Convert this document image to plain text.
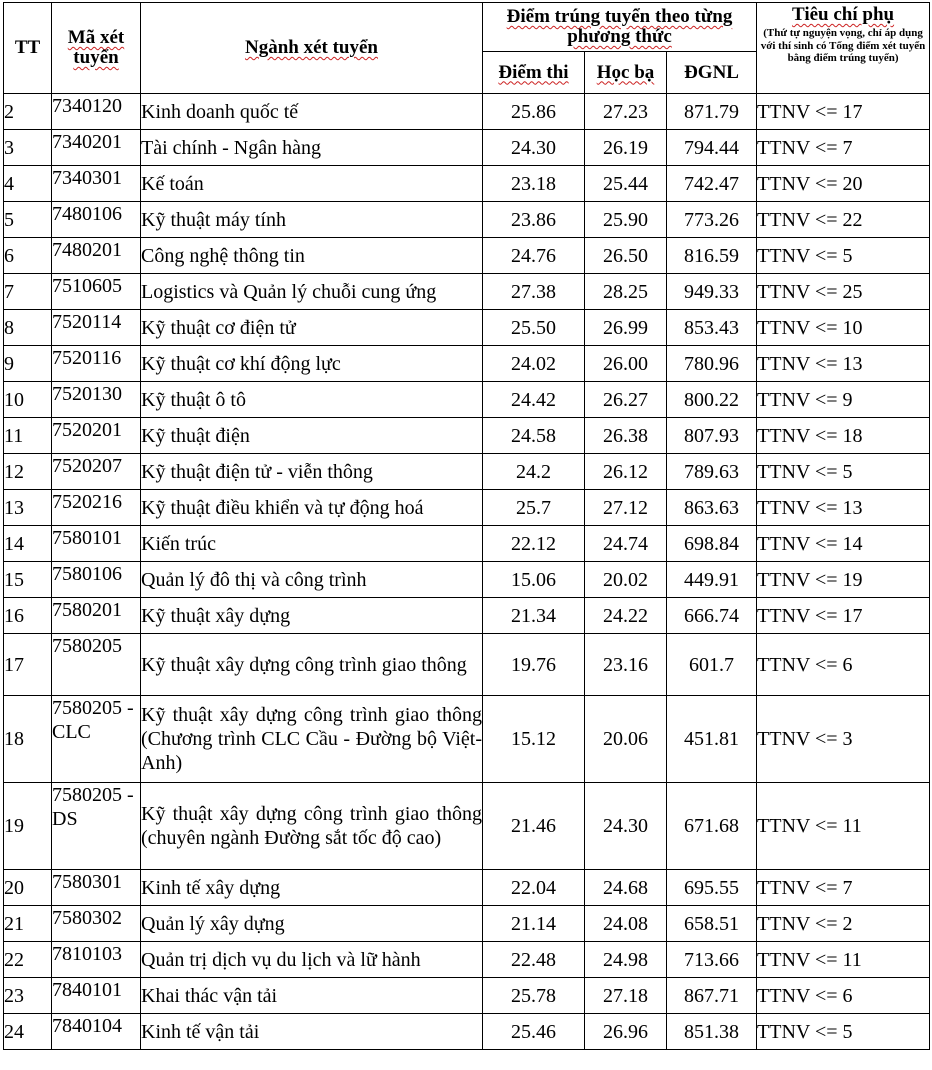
TT	Mã xét tuyển	Ngành xét tuyển	Điểm trúng tuyển theo từng phương thức			Tiêu chí phụ
(Thứ tự nguyện vọng, chỉ áp dụng với thí sinh có Tổng điểm xét tuyển bằng điểm trúng tuyển)

			Điểm thi	Học bạ	ĐGNL	
2	7340120	Kinh doanh quốc tế	25.86	27.23	871.79	TTNV <= 17
3	7340201	Tài chính - Ngân hàng	24.30	26.19	794.44	TTNV <= 7
4	7340301	Kế toán	23.18	25.44	742.47	TTNV <= 20
5	7480106	Kỹ thuật máy tính	23.86	25.90	773.26	TTNV <= 22
6	7480201	Công nghệ thông tin	24.76	26.50	816.59	TTNV <= 5
7	7510605	Logistics và Quản lý chuỗi cung ứng	27.38	28.25	949.33	TTNV <= 25
8	7520114	Kỹ thuật cơ điện tử	25.50	26.99	853.43	TTNV <= 10
9	7520116	Kỹ thuật cơ khí động lực	24.02	26.00	780.96	TTNV <= 13
10	7520130	Kỹ thuật ô tô	24.42	26.27	800.22	TTNV <= 9
11	7520201	Kỹ thuật điện	24.58	26.38	807.93	TTNV <= 18
12	7520207	Kỹ thuật điện tử - viễn thông	24.2	26.12	789.63	TTNV <= 5
13	7520216	Kỹ thuật điều khiển và tự động hoá	25.7	27.12	863.63	TTNV <= 13
14	7580101	Kiến trúc	22.12	24.74	698.84	TTNV <= 14
15	7580106	Quản lý đô thị và công trình	15.06	20.02	449.91	TTNV <= 19
16	7580201	Kỹ thuật xây dựng	21.34	24.22	666.74	TTNV <= 17
17	7580205	Kỹ thuật xây dựng công trình giao thông	19.76	23.16	601.7	TTNV <= 6
18	7580205 -CLC	Kỹ thuật xây dựng công trình giao thông (Chương trình CLC Cầu - Đường bộ Việt-Anh)	15.12	20.06	451.81	TTNV <= 3
19	7580205 -DS	Kỹ thuật xây dựng công trình giao thông (chuyên ngành Đường sắt tốc độ cao)	21.46	24.30	671.68	TTNV <= 11
20	7580301	Kinh tế xây dựng	22.04	24.68	695.55	TTNV <= 7
21	7580302	Quản lý xây dựng	21.14	24.08	658.51	TTNV <= 2
22	7810103	Quản trị dịch vụ du lịch và lữ hành	22.48	24.98	713.66	TTNV <= 11
23	7840101	Khai thác vận tải	25.78	27.18	867.71	TTNV <= 6
24	7840104	Kinh tế vận tải	25.46	26.96	851.38	TTNV <= 5
